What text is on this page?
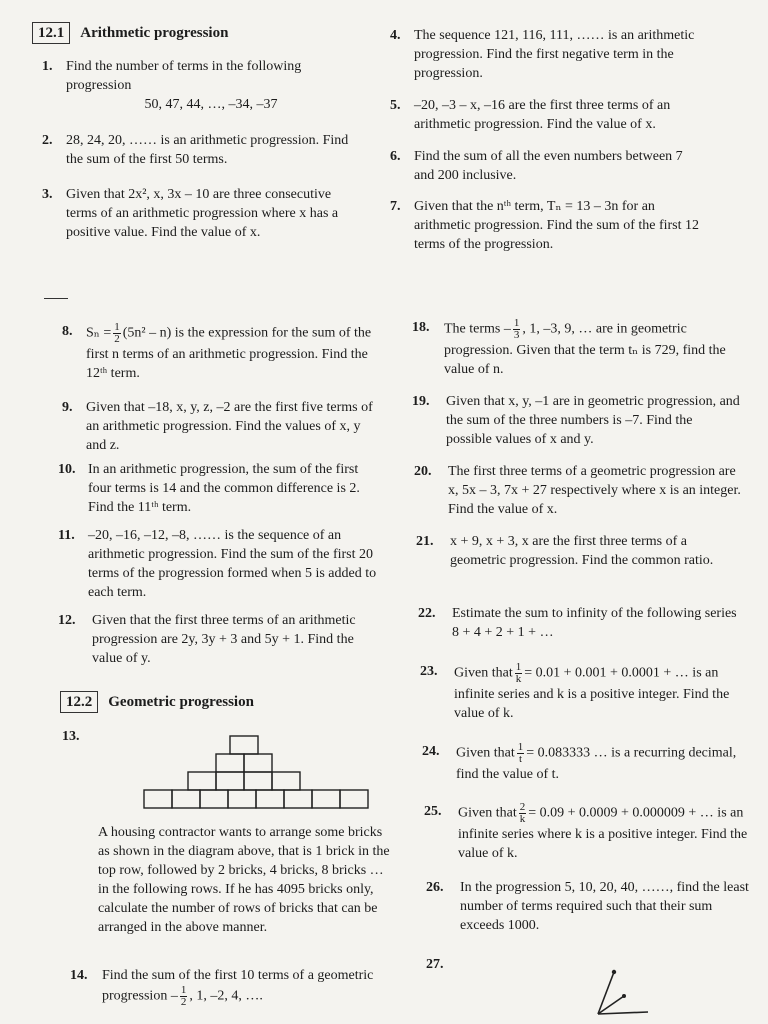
12.1	Arithmetic progression
1. Find the number of terms in the following progression
50, 47, 44, …, –34, –37
2. 28, 24, 20, …… is an arithmetic progression. Find the sum of the first 50 terms.
3. Given that 2x², x, 3x – 10 are three consecutive terms of an arithmetic progression where x has a positive value. Find the value of x.
4. The sequence 121, 116, 111, …… is an arithmetic progression. Find the first negative term in the progression.
5. –20, –3 – x, –16 are the first three terms of an arithmetic progression. Find the value of x.
6. Find the sum of all the even numbers between 7 and 200 inclusive.
7. Given that the nᵗʰ term, Tₙ = 13 – 3n for an arithmetic progression. Find the sum of the first 12 terms of the progression.
8. $S_n = \frac{1}{2} (5n^2 - n)$ is the expression for the sum of the first n terms of an arithmetic progression. Find the 12ᵗʰ term.
9. Given that –18, x, y, z, –2 are the first five terms of an arithmetic progression. Find the values of x, y and z.
10. In an arithmetic progression, the sum of the first four terms is 14 and the common difference is 2. Find the 11ᵗʰ term.
11. –20, –16, –12, –8, …… is the sequence of an arithmetic progression. Find the sum of the first 20 terms of the progression formed when 5 is added to each term.
12. Given that the first three terms of an arithmetic progression are 2y, 3y + 3 and 5y + 1. Find the value of y.
12.2	Geometric progression
13.
A housing contractor wants to arrange some bricks as shown in the diagram above, that is 1 brick in the top row, followed by 2 bricks, 4 bricks, 8 bricks … in the following rows. If he has 4095 bricks only, calculate the number of rows of bricks that can be arranged in the above manner.
14. Find the sum of the first 10 terms of a geometric progression – $\frac{1}{2}$ , 1, –2, 4, ….
18. The terms – $\frac{1}{3}$ , 1, –3, 9, … are in geometric progression. Given that the term tₙ is 729, find the value of n.
19. Given that x, y, –1 are in geometric progression, and the sum of the three numbers is –7. Find the possible values of x and y.
20. The first three terms of a geometric progression are x, 5x – 3, 7x + 27 respectively where x is an integer. Find the value of x.
21. x + 9, x + 3, x are the first three terms of a geometric progression. Find the common ratio.
22. Estimate the sum to infinity of the following series 8 + 4 + 2 + 1 + …
23. Given that $\frac{1}{k} = 0.01 + 0.001 + 0.0001$ + … is an infinite series and k is a positive integer. Find the value of k.
24. Given that $\frac{1}{t} = 0.083333$ … is a recurring decimal, find the value of t.
25. Given that $\frac{2}{k} = 0.09 + 0.0009 + 0.000009$ + … is an infinite series where k is a positive integer. Find the value of k.
26. In the progression 5, 10, 20, 40, ……, find the least number of terms required such that their sum exceeds 1000.
27.
